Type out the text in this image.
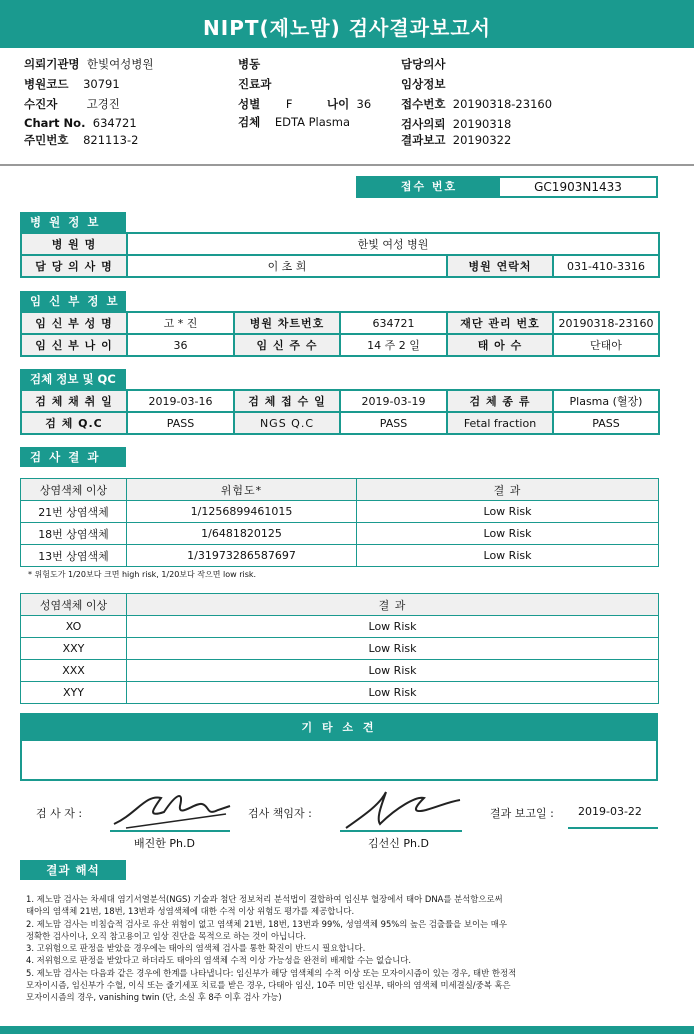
NIPT(제노맘) 검사결과보고서
의뢰기관명 한빛여성병원
병원코드 30791
수진자	고경진
Chart No. 634721
주민번호 821113-2
병동
진료과
성별 F	나이 36
검체 EDTA Plasma
담당의사
임상정보
접수번호 20190318-23160
검사의뢰 20190318
결과보고 20190322
접수 번호	GC1903N1433
병 원 정 보
병 원 명	한빛 여성 병원		
담 당 의 사 명	이 초 희	병원 연락처	031-410-3316
임 신 부 정 보
임 신 부 성 명	고 * 진	병원 차트번호	634721	재단 관리 번호	20190318-23160
임 신 부 나 이	36	임 신 주 수	14 주 2 일	태 아 수	단태아
검체 정보 및 QC
검 체 채 취 일	2019-03-16	검 체 접 수 일	2019-03-19	검 체 종 류	Plasma (혈장)
검 체 Q.C	PASS	NGS Q.C	PASS	Fetal fraction	PASS
검 사 결 과
상염색체 이상	위험도*	결 과
21번 상염색체	1/1256899461015	Low Risk
18번 상염색체	1/6481820125	Low Risk
13번 상염색체	1/31973286587697	Low Risk
* 위험도가 1/20보다 크면 high risk, 1/20보다 작으면 low risk.
성염색체 이상	결 과
XO	Low Risk
XXY	Low Risk
XXX	Low Risk
XYY	Low Risk
기 타 소 견
검 사 자 :
배진한 Ph.D
검사 책임자 :
김선신 Ph.D
결과 보고일 : 2019-03-22
결과 해석
1. 제노맘 검사는 차세대 염기서열분석(NGS) 기술과 첨단 정보처리 분석법이 결합하여 임신부 혈장에서 태아 DNA를 분석함으로써
태아의 염색체 21번, 18번, 13번과 성염색체에 대한 수적 이상 위험도 평가를 제공합니다.
2. 제노맘 검사는 비침습적 검사로 유산 위험이 없고 염색체 21번, 18번, 13번과 99%, 성염색체 95%의 높은 검출률을 보이는 매우
정확한 검사이나, 오직 참고용이고 임상 진단을 목적으로 하는 것이 아닙니다.
3. 고위험으로 판정을 받았을 경우에는 태아의 염색체 검사를 통한 확진이 반드시 필요합니다.
4. 저위험으로 판정을 받았다고 하더라도 태아의 염색체 수적 이상 가능성을 완전히 배제할 수는 없습니다.
5. 제노맘 검사는 다음과 같은 경우에 한계를 나타냅니다: 임신부가 해당 염색체의 수적 이상 또는 모자이시즘이 있는 경우, 태반 한정적
모자이시즘, 임신부가 수혈, 이식 또는 줄기세포 치료를 받은 경우, 다태아 임신, 10주 미만 임신부, 태아의 염색체 미세결실/중복 혹은
모자이시즘의 경우, vanishing twin (단, 소실 후 8주 이후 검사 가능)
